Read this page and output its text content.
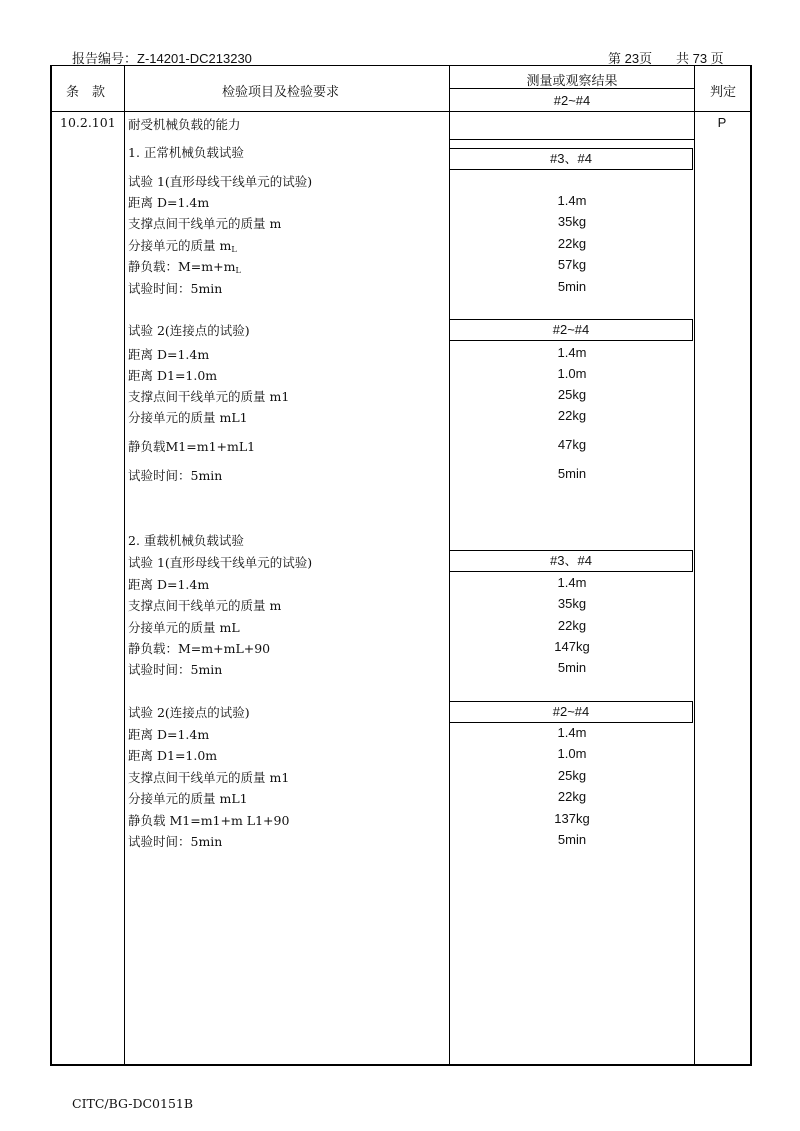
报告编号：Z-14201-DC213230	第 23页 共 73 页
条　款	检验项目及检验要求
测量或观察结果
#2~#4
判定
10.2.101	P
耐受机械负载的能力
1. 正常机械负载试验	#3、#4
试验 1(直形母线干线单元的试验)
距离 D=1.4m	1.4m
支撑点间干线单元的质量 m	35kg
分接单元的质量 $m_L$	22kg
静负载：$M=m+m_L$	57kg
试验时间：5min	5min
试验 2(连接点的试验)	#2~#4
距离 D=1.4m	1.4m
距离 D1=1.0m	1.0m
支撑点间干线单元的质量 m1	25kg
分接单元的质量 mL1	22kg
静负载M1=m1+mL1	47kg
试验时间：5min	5min
2. 重载机械负载试验
#3、#4
试验 1(直形母线干线单元的试验)
距离 D=1.4m	1.4m
支撑点间干线单元的质量 m	35kg
分接单元的质量 mL	22kg
静负载：M=m+mL+90	147kg
试验时间：5min	5min
试验 2(连接点的试验)	#2~#4
距离 D=1.4m	1.4m
距离 D1=1.0m	1.0m
支撑点间干线单元的质量 m1	25kg
分接单元的质量 mL1	22kg
静负载 M1=m1+m L1+90	137kg
试验时间：5min	5min
CITC/BG-DC0151B
